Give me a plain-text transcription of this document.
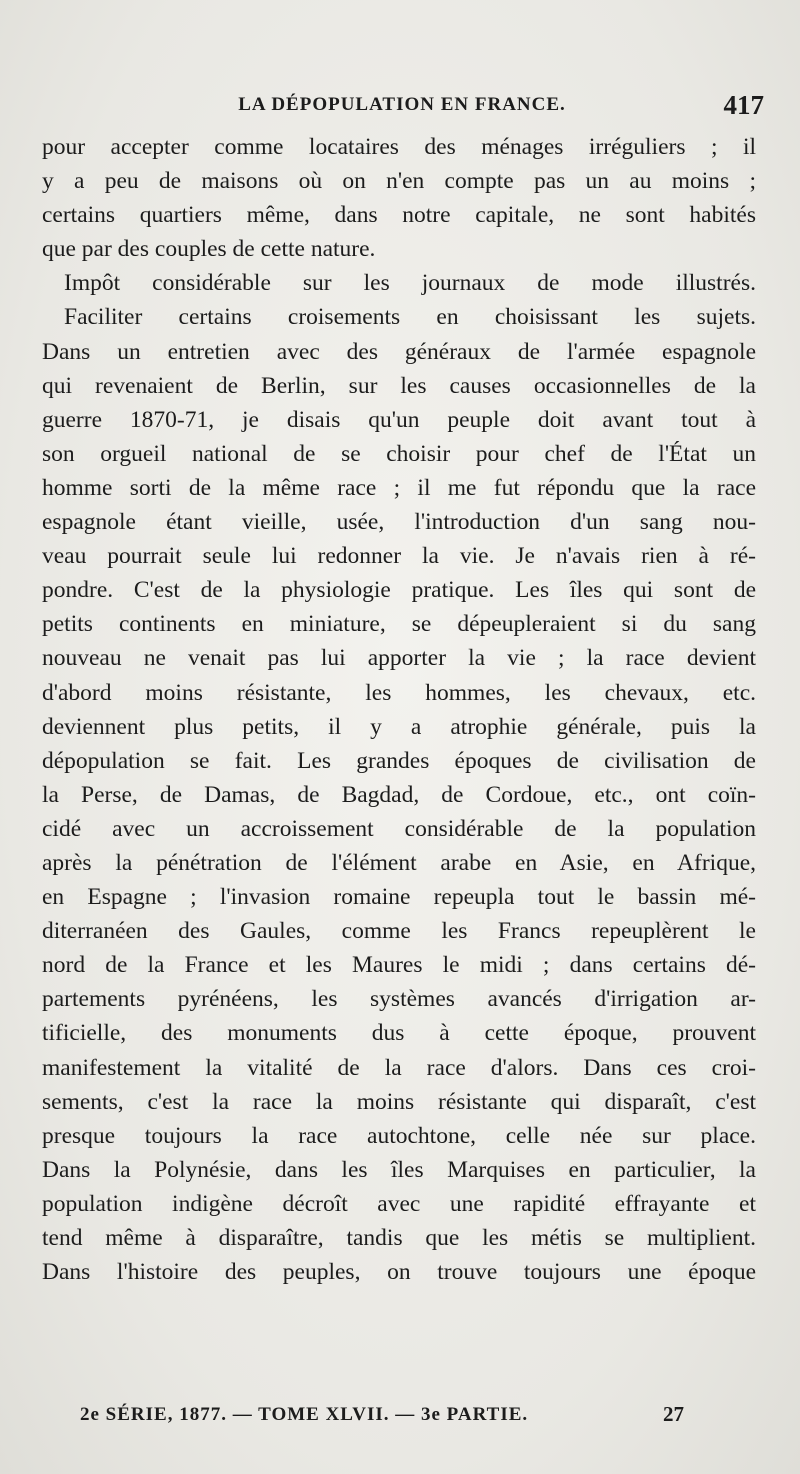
LA DÉPOPULATION EN FRANCE.	417
pour accepter comme locataires des ménages irréguliers ; il
y a peu de maisons où on n'en compte pas un au moins ;
certains quartiers même, dans notre capitale, ne sont habités
que par des couples de cette nature.
Impôt considérable sur les journaux de mode illustrés.
Faciliter certains croisements en choisissant les sujets.
Dans un entretien avec des généraux de l'armée espagnole
qui revenaient de Berlin, sur les causes occasionnelles de la
guerre 1870-71, je disais qu'un peuple doit avant tout à
son orgueil national de se choisir pour chef de l'État un
homme sorti de la même race ; il me fut répondu que la race
espagnole étant vieille, usée, l'introduction d'un sang nou-
veau pourrait seule lui redonner la vie. Je n'avais rien à ré-
pondre. C'est de la physiologie pratique. Les îles qui sont de
petits continents en miniature, se dépeupleraient si du sang
nouveau ne venait pas lui apporter la vie ; la race devient
d'abord moins résistante, les hommes, les chevaux, etc.
deviennent plus petits, il y a atrophie générale, puis la
dépopulation se fait. Les grandes époques de civilisation de
la Perse, de Damas, de Bagdad, de Cordoue, etc., ont coïn-
cidé avec un accroissement considérable de la population
après la pénétration de l'élément arabe en Asie, en Afrique,
en Espagne ; l'invasion romaine repeupla tout le bassin mé-
diterranéen des Gaules, comme les Francs repeuplèrent le
nord de la France et les Maures le midi ; dans certains dé-
partements pyrénéens, les systèmes avancés d'irrigation ar-
tificielle, des monuments dus à cette époque, prouvent
manifestement la vitalité de la race d'alors. Dans ces croi-
sements, c'est la race la moins résistante qui disparaît, c'est
presque toujours la race autochtone, celle née sur place.
Dans la Polynésie, dans les îles Marquises en particulier, la
population indigène décroît avec une rapidité effrayante et
tend même à disparaître, tandis que les métis se multiplient.
Dans l'histoire des peuples, on trouve toujours une époque
2e SÉRIE, 1877. — TOME XLVII. — 3e PARTIE.	27
